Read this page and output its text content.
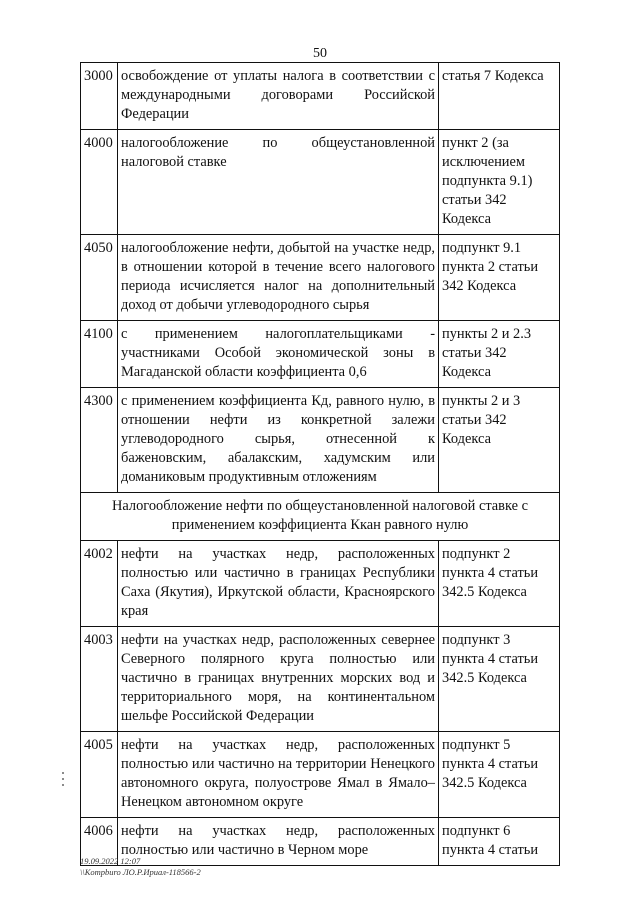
50
3000	освобождение от уплаты налога в соответствии с международными договорами Российской Федерации	статья 7 Кодекса
4000	налогообложение по общеустановленной налоговой ставке	пункт 2 (за исключением подпункта 9.1) статьи 342 Кодекса
4050	налогообложение нефти, добытой на участке недр, в отношении которой в течение всего налогового периода исчисляется налог на дополнительный доход от добычи углеводородного сырья	подпункт 9.1 пункта 2 статьи 342 Кодекса
4100	с применением налогоплательщиками - участниками Особой экономической зоны в Магаданской области коэффициента 0,6	пункты 2 и 2.3 статьи 342 Кодекса
4300	с применением коэффициента Кд, равного нулю, в отношении нефти из конкретной залежи углеводородного сырья, отнесенной к баженовским, абалакским, хадумским или доманиковым продуктивным отложениям	пункты 2 и 3 статьи 342 Кодекса
Налогообложение нефти по общеустановленной налоговой ставке с применением коэффициента Ккан равного нулю		
4002	нефти на участках недр, расположенных полностью или частично в границах Республики Саха (Якутия), Иркутской области, Красноярского края	подпункт 2 пункта 4 статьи 342.5 Кодекса
4003	нефти на участках недр, расположенных севернее Северного полярного круга полностью или частично в границах внутренних морских вод и территориального моря, на континентальном шельфе Российской Федерации	подпункт 3 пункта 4 статьи 342.5 Кодекса
4005	нефти на участках недр, расположенных полностью или частично на территории Ненецкого автономного округа, полуострове Ямал в Ямало–Ненецком автономном округе	подпункт 5 пункта 4 статьи 342.5 Кодекса
4006	нефти на участках недр, расположенных полностью или частично в Черном море	подпункт 6 пункта 4 статьи
19.09.2022 12:07
\\Kompburo ЛО.Р.Ириал-118566-2
